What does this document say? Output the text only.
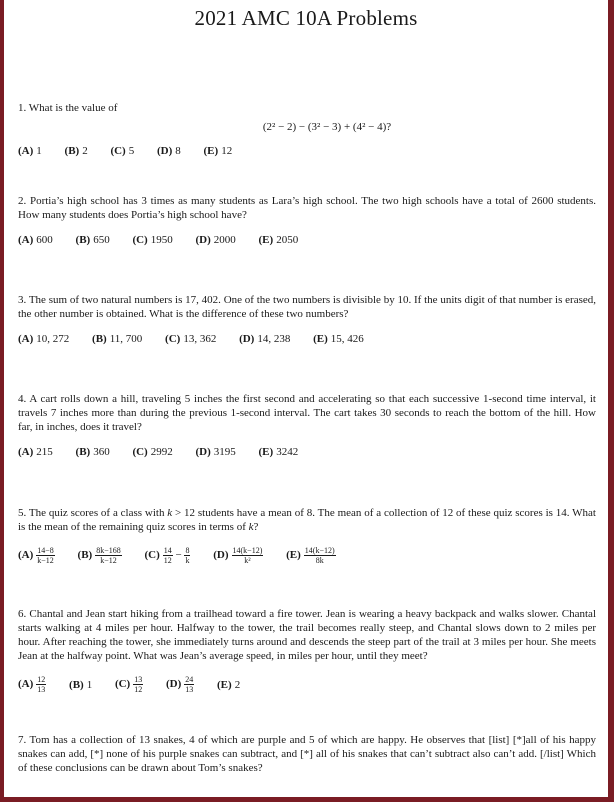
2021 AMC 10A Problems

1. What is the value of

(2² − 2) − (3² − 3) + (4² − 4)?
(A) 1 (B) 2 (C) 5 (D) 8 (E) 12

2. Portia’s high school has 3 times as many students as Lara’s high school. The two high schools have a total of 2600 students. How many students does Portia’s high school have?

(A) 600 (B) 650 (C) 1950 (D) 2000 (E) 2050

3. The sum of two natural numbers is 17, 402. One of the two numbers is divisible by 10. If the units digit of that number is erased, the other number is obtained. What is the difference of these two numbers?

(A) 10, 272 (B) 11, 700 (C) 13, 362 (D) 14, 238 (E) 15, 426

4. A cart rolls down a hill, traveling 5 inches the first second and accelerating so that each successive 1-second time interval, it travels 7 inches more than during the previous 1-second interval. The cart takes 30 seconds to reach the bottom of the hill. How far, in inches, does it travel?

(A) 215 (B) 360 (C) 2992 (D) 3195 (E) 3242

5. The quiz scores of a class with k > 12 students have a mean of 8. The mean of a collection of 12 of these quiz scores is 14. What is the mean of the remaining quiz scores in terms of k?

$(A) \frac{14-8}{k-12} (B) \frac{8k-168}{k-12} (C) \frac{14}{12} - \frac{8}{k} (D) \frac{14(k-12)}{\text{k²}} (E) \frac{14(k-12)}{8k}$

6. Chantal and Jean start hiking from a trailhead toward a fire tower. Jean is wearing a heavy backpack and walks slower. Chantal starts walking at 4 miles per hour. Halfway to the tower, the trail becomes really steep, and Chantal slows down to 2 miles per hour. After reaching the tower, she immediately turns around and descends the steep part of the trail at 3 miles per hour. She meets Jean at the halfway point. What was Jean’s average speed, in miles per hour, until they meet?

$(A) \frac{12}{13} (B)$ 1 $(C) \frac{13}{12} (D) \frac{24}{13} (E)$ 2

7. Tom has a collection of 13 snakes, 4 of which are purple and 5 of which are happy. He observes that [list] [*]all of his happy snakes can add, [*] none of his purple snakes can subtract, and [*] all of his snakes that can’t subtract also can’t add. [/list] Which of these conclusions can be drawn about Tom’s snakes?
